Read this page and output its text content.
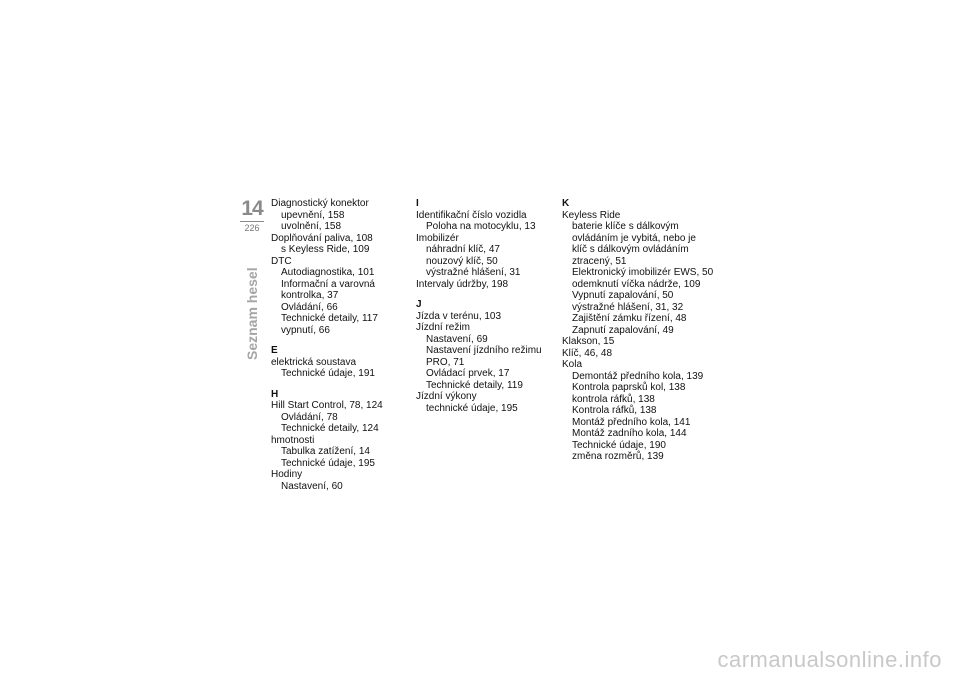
14
226
Seznam hesel
Diagnostický konektor
upevnění, 158
uvolnění, 158
Doplňování paliva, 108
s Keyless Ride, 109
DTC
Autodiagnostika, 101
Informační a varovná
kontrolka, 37
Ovládání, 66
Technické detaily, 117
vypnutí, 66
E
elektrická soustava
Technické údaje, 191
H
Hill Start Control, 78, 124
Ovládání, 78
Technické detaily, 124
hmotnosti
Tabulka zatížení, 14
Technické údaje, 195
Hodiny
Nastavení, 60
I
Identifikační číslo vozidla
Poloha na motocyklu, 13
Imobilizér
náhradní klíč, 47
nouzový klíč, 50
výstražné hlášení, 31
Intervaly údržby, 198
J
Jízda v terénu, 103
Jízdní režim
Nastavení, 69
Nastavení jízdního režimu
PRO, 71
Ovládací prvek, 17
Technické detaily, 119
Jízdní výkony
technické údaje, 195
K
Keyless Ride
baterie klíče s dálkovým
ovládáním je vybitá, nebo je
klíč s dálkovým ovládáním
ztracený, 51
Elektronický imobilizér EWS, 50
odemknutí víčka nádrže, 109
Vypnutí zapalování, 50
výstražné hlášení, 31, 32
Zajištění zámku řízení, 48
Zapnutí zapalování, 49
Klakson, 15
Klíč, 46, 48
Kola
Demontáž předního kola, 139
Kontrola paprsků kol, 138
kontrola ráfků, 138
Kontrola ráfků, 138
Montáž předního kola, 141
Montáž zadního kola, 144
Technické údaje, 190
změna rozměrů, 139
carmanualsonline.info
